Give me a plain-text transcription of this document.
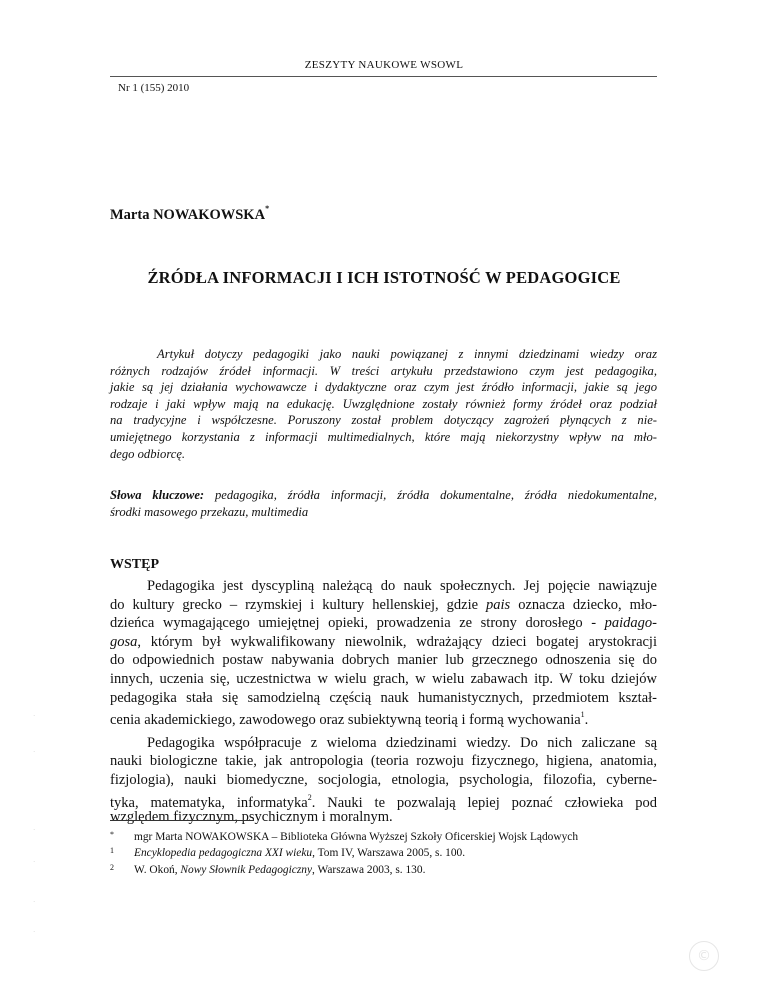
ZESZYTY NAUKOWE WSOWL
Nr 1 (155) 2010
Marta NOWAKOWSKA*
ŹRÓDŁA INFORMACJI I ICH ISTOTNOŚĆ W PEDAGOGICE
Artykuł dotyczy pedagogiki jako nauki powiązanej z innymi dziedzinami wiedzy oraz
różnych rodzajów źródeł informacji. W treści artykułu przedstawiono czym jest pedagogika,
jakie są jej działania wychowawcze i dydaktyczne oraz czym jest źródło informacji, jakie są jego
rodzaje i jaki wpływ mają na edukację. Uwzględnione zostały również formy źródeł oraz podział
na tradycyjne i współczesne. Poruszony został problem dotyczący zagrożeń płynących z nie-
umiejętnego korzystania z informacji multimedialnych, które mają niekorzystny wpływ na mło-
dego odbiorcę.
Słowa kluczowe: pedagogika, źródła informacji, źródła dokumentalne, źródła niedokumentalne,
środki masowego przekazu, multimedia
WSTĘP
Pedagogika jest dyscypliną należącą do nauk społecznych. Jej pojęcie nawiązuje
do kultury grecko – rzymskiej i kultury hellenskiej, gdzie pais oznacza dziecko, mło-
dzieńca wymagającego umiejętnej opieki, prowadzenia ze strony dorosłego - paidago-
gosa, którym był wykwalifikowany niewolnik, wdrażający dzieci bogatej arystokracji
do odpowiednich postaw nabywania dobrych manier lub grzecznego odnoszenia się do
innych, uczenia się, uczestnictwa w wielu grach, w wielu zabawach itp. W toku dziejów
pedagogika stała się samodzielną częścią nauk humanistycznych, przedmiotem kształ-
cenia akademickiego, zawodowego oraz subiektywną teorią i formą wychowania$^1$.
Pedagogika współpracuje z wieloma dziedzinami wiedzy. Do nich zaliczane są
nauki biologiczne takie, jak antropologia (teoria rozwoju fizycznego, higiena, anatomia,
fizjologia), nauki biomedyczne, socjologia, etnologia, psychologia, filozofia, cyberne-
tyka, matematyka, informatyka$^2$. Nauki te pozwalają lepiej poznać człowieka pod
względem fizycznym, psychicznym i moralnym.
* mgr Marta NOWAKOWSKA – Biblioteka Główna Wyższej Szkoły Oficerskiej Wojsk Lądowych
1 Encyklopedia pedagogiczna XXI wieku, Tom IV, Warszawa 2005, s. 100.
2 W. Okoń, Nowy Słownik Pedagogiczny, Warszawa 2003, s. 130.
·
·
·
·
·
·
©
